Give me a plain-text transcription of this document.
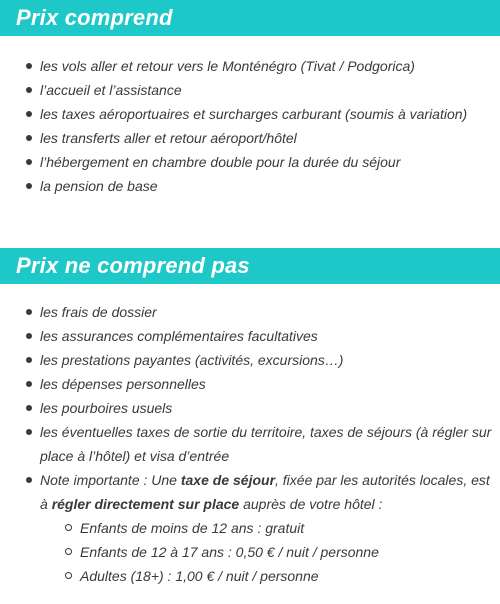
Prix comprend
les vols aller et retour vers le Monténégro (Tivat / Podgorica)
l’accueil et l’assistance
les taxes aéroportuaires et surcharges carburant (soumis à variation)
les transferts aller et retour aéroport/hôtel
l’hébergement en chambre double pour la durée du séjour
la pension de base
Prix ne comprend pas
les frais de dossier
les assurances complémentaires facultatives
les prestations payantes (activités, excursions…)
les dépenses personnelles
les pourboires usuels
les éventuelles taxes de sortie du territoire, taxes de séjours (à régler sur place à l’hôtel) et visa d’entrée
Note importante : Une taxe de séjour, fixée par les autorités locales, est à régler directement sur place auprès de votre hôtel :
Enfants de moins de 12 ans : gratuit
Enfants de 12 à 17 ans : 0,50 € / nuit / personne
Adultes (18+) : 1,00 € / nuit / personne
